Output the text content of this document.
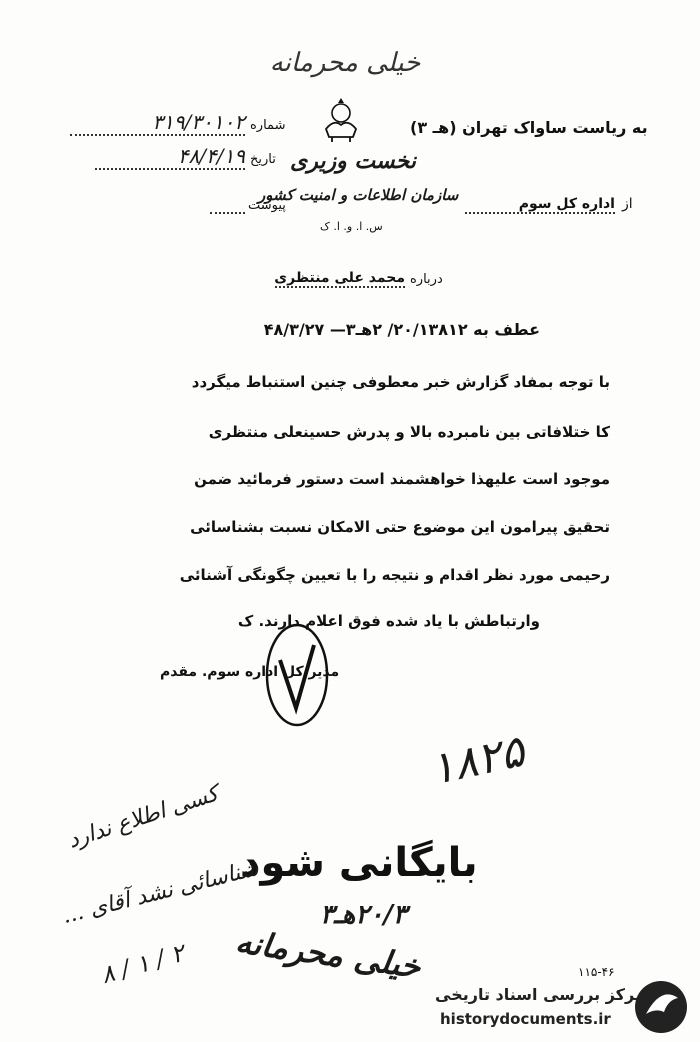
خیلی محرمانه
نخست وزیری
سازمان اطلاعات و امنیت کشور
س. ا. و. ا. ک
به ریاست ساواک تهران (هـ ۳)
از
اداره کل سوم
شماره
۳۱۹/۳۰۱۰۲
تاریخ
۴۸/۴/۱۹
پیوست
درباره
محمد علی منتظری
عطف به ۲۰/۱۳۸۱۲/ ۲هـ۳— ۴۸/۳/۲۷
با توجه بمفاد گزارش خبر معطوفی چنین استنباط میگردد
کا ختلافاتی بین نامبرده بالا و پدرش حسینعلی منتظری
موجود است علیهذا خواهشمند است دستور فرمائید ضمن
تحقیق پیرامون این موضوع حتی الامکان نسبت بشناسائی
رحیمی مورد نظر اقدام و نتیجه را با تعیین چگونگی آشنائی
وارتباطش با یاد شده فوق اعلام دارند. ک
مدیر کل اداره سوم. مقدم
۱۸۲۵
بایگانی شود
۲۰/۳هـ۳
خیلی محرمانه
کسی اطلاع ندارد
شناسائی نشد آقای ...
۸ / ۱ / ۲	۱۱۵-۴۶
مرکز بررسی اسناد تاریخی
historydocuments.ir
